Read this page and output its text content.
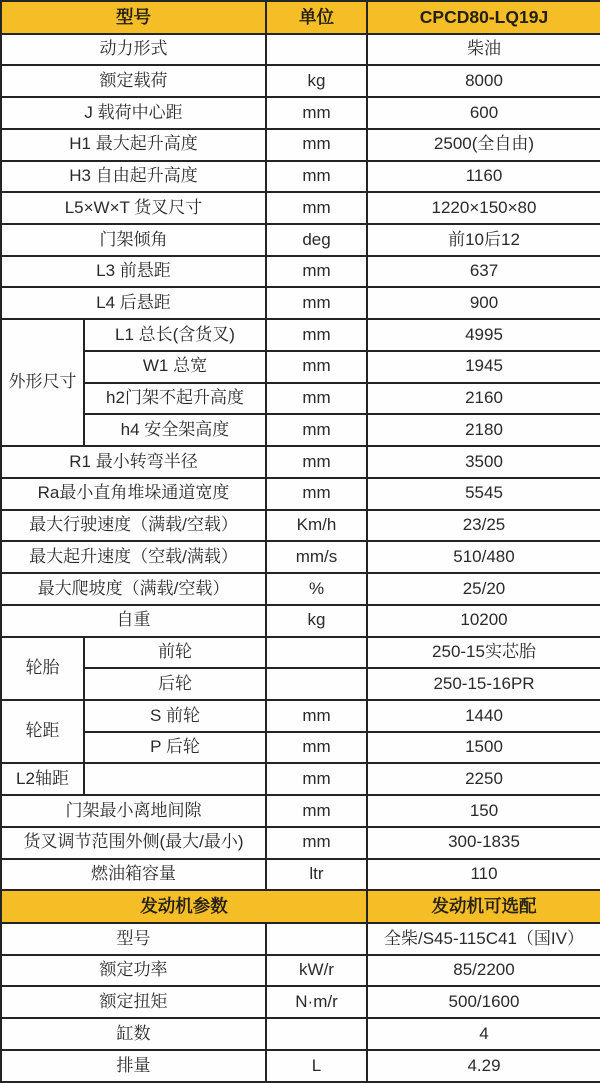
型号		单位	CPCD80-LQ19J
动力形式			柴油
额定载荷		kg	8000
J 载荷中心距		mm	600
H1 最大起升高度		mm	2500(全自由)
H3 自由起升高度		mm	1160
L5×W×T 货叉尺寸		mm	1220×150×80
门架倾角		deg	前10后12
L3 前悬距		mm	637
L4 后悬距		mm	900
外形尺寸	L1 总长(含货叉)	mm	4995
	W1 总宽	mm	1945
	h2门架不起升高度	mm	2160
	h4 安全架高度	mm	2180
R1 最小转弯半径		mm	3500
Ra最小直角堆垛通道宽度		mm	5545
最大行驶速度（满载/空载）		Km/h	23/25
最大起升速度（空载/满载）		mm/s	510/480
最大爬坡度（满载/空载）		%	25/20
自重		kg	10200
轮胎	前轮		250-15实芯胎
	后轮		250-15-16PR
轮距	S 前轮	mm	1440
	P 后轮	mm	1500
L2轴距		mm	2250
门架最小离地间隙		mm	150
货叉调节范围外侧(最大/最小)		mm	300-1835
燃油箱容量		ltr	110
发动机参数			发动机可选配
型号			全柴/S45-115C41（国IV）
额定功率		kW/r	85/2200
额定扭矩		N·m/r	500/1600
缸数			4
排量		L	4.29
